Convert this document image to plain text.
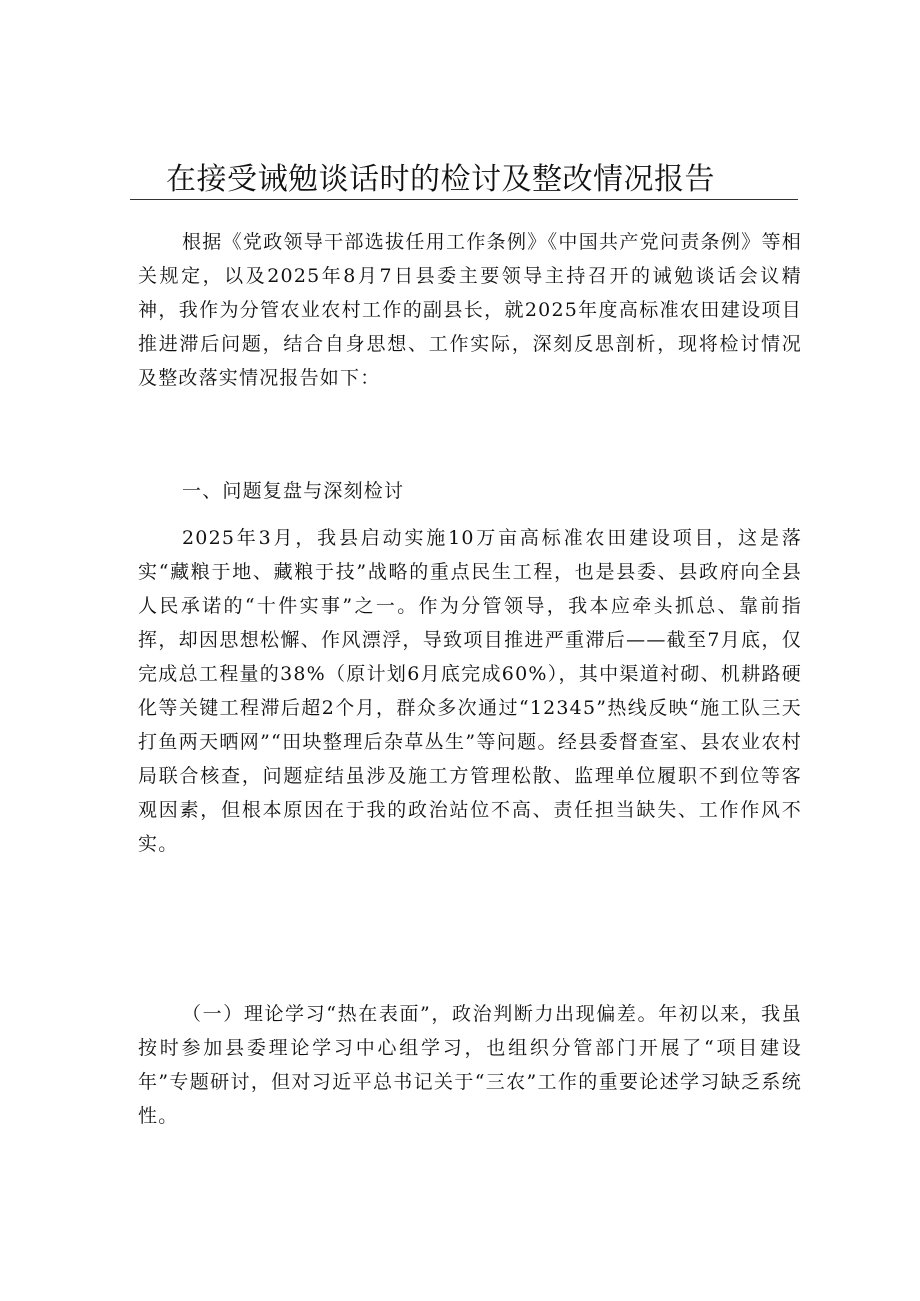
在接受诫勉谈话时的检讨及整改情况报告

根据《党政领导干部选拔任用工作条例》《中国共产党问责条例》等相关规定，以及2025年8月7日县委主要领导主持召开的诫勉谈话会议精神，我作为分管农业农村工作的副县长，就2025年度高标准农田建设项目推进滞后问题，结合自身思想、工作实际，深刻反思剖析，现将检讨情况及整改落实情况报告如下：

一、问题复盘与深刻检讨

2025年3月，我县启动实施10万亩高标准农田建设项目，这是落实“藏粮于地、藏粮于技”战略的重点民生工程，也是县委、县政府向全县人民承诺的“十件实事”之一。作为分管领导，我本应牵头抓总、靠前指挥，却因思想松懈、作风漂浮，导致项目推进严重滞后——截至7月底，仅完成总工程量的38%（原计划6月底完成60%），其中渠道衬砌、机耕路硬化等关键工程滞后超2个月，群众多次通过“12345”热线反映“施工队三天打鱼两天晒网”“田块整理后杂草丛生”等问题。经县委督查室、县农业农村局联合核查，问题症结虽涉及施工方管理松散、监理单位履职不到位等客观因素，但根本原因在于我的政治站位不高、责任担当缺失、工作作风不实。

（一）理论学习“热在表面”，政治判断力出现偏差。年初以来，我虽按时参加县委理论学习中心组学习，也组织分管部门开展了“项目建设年”专题研讨，但对习近平总书记关于“三农”工作的重要论述学习缺乏系统性。
